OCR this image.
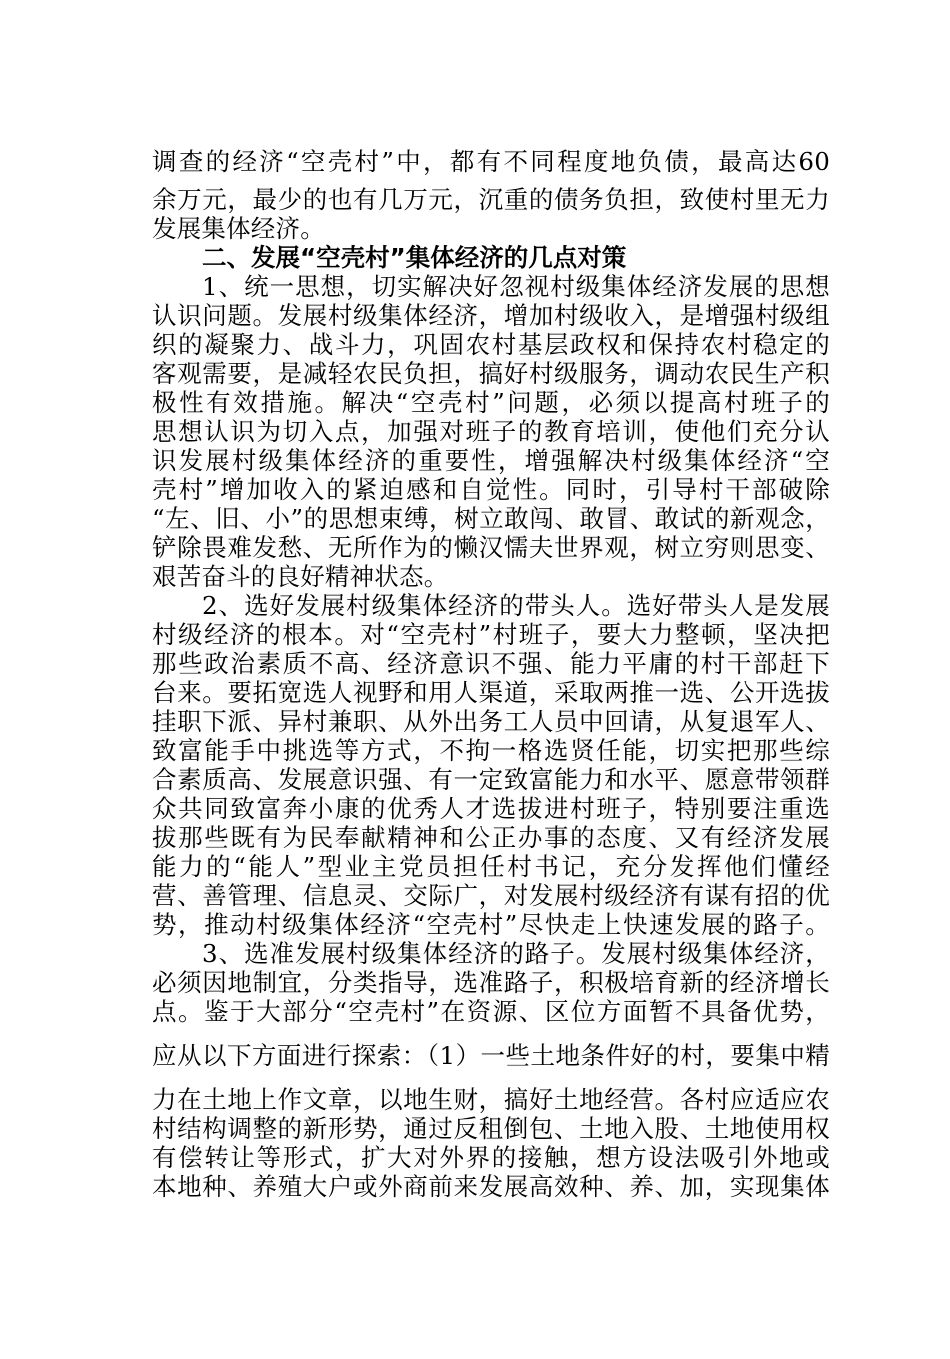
调查的经济“空壳村”中，都有不同程度地负债，最高达60
余万元，最少的也有几万元，沉重的债务负担，致使村里无力
发展集体经济。
二、发展“空壳村”集体经济的几点对策
1、统一思想，切实解决好忽视村级集体经济发展的思想
认识问题。发展村级集体经济，增加村级收入，是增强村级组
织的凝聚力、战斗力，巩固农村基层政权和保持农村稳定的
客观需要，是减轻农民负担，搞好村级服务，调动农民生产积
极性有效措施。解决“空壳村”问题，必须以提高村班子的
思想认识为切入点，加强对班子的教育培训，使他们充分认
识发展村级集体经济的重要性，增强解决村级集体经济“空
壳村”增加收入的紧迫感和自觉性。同时，引导村干部破除
“左、旧、小”的思想束缚，树立敢闯、敢冒、敢试的新观念，
铲除畏难发愁、无所作为的懒汉懦夫世界观，树立穷则思变、
艰苦奋斗的良好精神状态。
2、选好发展村级集体经济的带头人。选好带头人是发展
村级经济的根本。对“空壳村”村班子，要大力整顿，坚决把
那些政治素质不高、经济意识不强、能力平庸的村干部赶下
台来。要拓宽选人视野和用人渠道，采取两推一选、公开选拔
挂职下派、异村兼职、从外出务工人员中回请，从复退军人、
致富能手中挑选等方式，不拘一格选贤任能，切实把那些综
合素质高、发展意识强、有一定致富能力和水平、愿意带领群
众共同致富奔小康的优秀人才选拔进村班子，特别要注重选
拔那些既有为民奉献精神和公正办事的态度、又有经济发展
能力的“能人”型业主党员担任村书记，充分发挥他们懂经
营、善管理、信息灵、交际广，对发展村级经济有谋有招的优
势，推动村级集体经济“空壳村”尽快走上快速发展的路子。
3、选准发展村级集体经济的路子。发展村级集体经济，
必须因地制宜，分类指导，选准路子，积极培育新的经济增长
点。鉴于大部分“空壳村”在资源、区位方面暂不具备优势，
应从以下方面进行探索：（1）一些土地条件好的村，要集中精
力在土地上作文章，以地生财，搞好土地经营。各村应适应农
村结构调整的新形势，通过反租倒包、土地入股、土地使用权
有偿转让等形式，扩大对外界的接触，想方设法吸引外地或
本地种、养殖大户或外商前来发展高效种、养、加，实现集体
